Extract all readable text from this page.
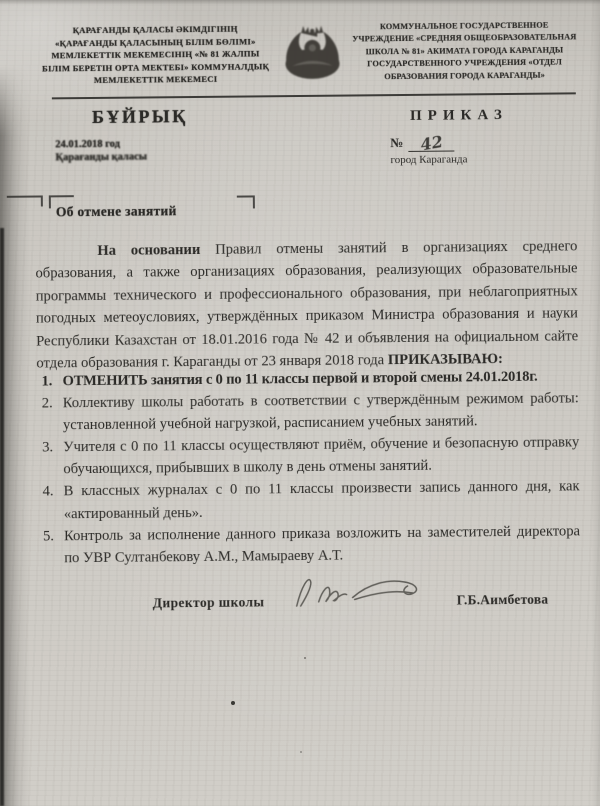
ҚАРАҒАНДЫ ҚАЛАСЫ ӘКІМДІГІНІҢ
«ҚАРАҒАНДЫ ҚАЛАСЫНЫҢ БІЛІМ БӨЛІМІ»
МЕМЛЕКЕТТІК МЕКЕМЕСІНІҢ «№ 81 ЖАЛПЫ
БІЛІМ БЕРЕТІН ОРТА МЕКТЕБІ» КОММУНАЛДЫҚ
МЕМЛЕКЕТТІК МЕКЕМЕСІ
КОММУНАЛЬНОЕ ГОСУДАРСТВЕННОЕ
УЧРЕЖДЕНИЕ «СРЕДНЯЯ ОБЩЕОБРАЗОВАТЕЛЬНАЯ
ШКОЛА № 81» АКИМАТА ГОРОДА КАРАГАНДЫ
ГОСУДАРСТВЕННОГО УЧРЕЖДЕНИЯ «ОТДЕЛ
ОБРАЗОВАНИЯ ГОРОДА КАРАГАНДЫ»
БҰЙРЫҚ
24.01.2018 год
Қарағанды қаласы
ПРИКАЗ
№ 42
город Караганда
Об отмене занятий
На основании Правил отмены занятий в организациях среднего образования, а также организациях образования, реализующих образовательные программы технического и профессионального образования, при неблагоприятных погодных метеоусловиях, утверждённых приказом Министра образования и науки Республики Казахстан от 18.01.2016 года № 42 и объявления на официальном сайте отдела образования г. Караганды от 23 января 2018 года ПРИКАЗЫВАЮ:
1. ОТМЕНИТЬ занятия с 0 по 11 классы первой и второй смены 24.01.2018г.
2. Коллективу школы работать в соответствии с утверждённым режимом работы: установленной учебной нагрузкой, расписанием учебных занятий.
3. Учителя с 0 по 11 классы осуществляют приём, обучение и безопасную отправку обучающихся, прибывших в школу в день отмены занятий.
4. В классных журналах с 0 по 11 классы произвести запись данного дня, как «актированный день».
5. Контроль за исполнение данного приказа возложить на заместителей директора по УВР Султанбекову А.М., Мамыраеву А.Т.
Директор школы	Г.Б.Аимбетова
